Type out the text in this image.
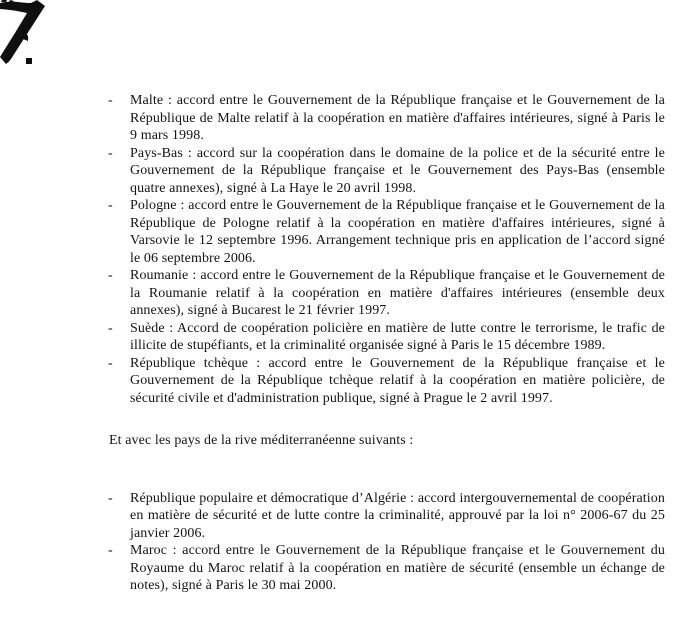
-	Malte : accord entre le Gouvernement de la République française et le Gouvernement de la République de Malte relatif à la coopération en matière d'affaires intérieures, signé à Paris le 9 mars 1998.
-	Pays-Bas : accord sur la coopération dans le domaine de la police et de la sécurité entre le Gouvernement de la République française et le Gouvernement des Pays-Bas (ensemble quatre annexes), signé à La Haye le 20 avril 1998.
-	Pologne : accord entre le Gouvernement de la République française et le Gouvernement de la République de Pologne relatif à la coopération en matière d'affaires intérieures, signé à Varsovie le 12 septembre 1996. Arrangement technique pris en application de l’accord signé le 06 septembre 2006.
-	Roumanie : accord entre le Gouvernement de la République française et le Gouvernement de la Roumanie relatif à la coopération en matière d'affaires intérieures (ensemble deux annexes), signé à Bucarest le 21 février 1997.
-	Suède : Accord de coopération policière en matière de lutte contre le terrorisme, le trafic de illicite de stupéfiants, et la criminalité organisée signé à Paris le 15 décembre 1989.
-	République tchèque : accord entre le Gouvernement de la République française et le Gouvernement de la République tchèque relatif à la coopération en matière policière, de sécurité civile et d'administration publique, signé à Prague le 2 avril 1997.

Et avec les pays de la rive méditerranéenne suivants :

-	République populaire et démocratique d’Algérie : accord intergouvernemental de coopération en matière de sécurité et de lutte contre la criminalité, approuvé par la loi n° 2006-67 du 25 janvier 2006.
-	Maroc : accord entre le Gouvernement de la République française et le Gouvernement du Royaume du Maroc relatif à la coopération en matière de sécurité (ensemble un échange de notes), signé à Paris le 30 mai 2000.
